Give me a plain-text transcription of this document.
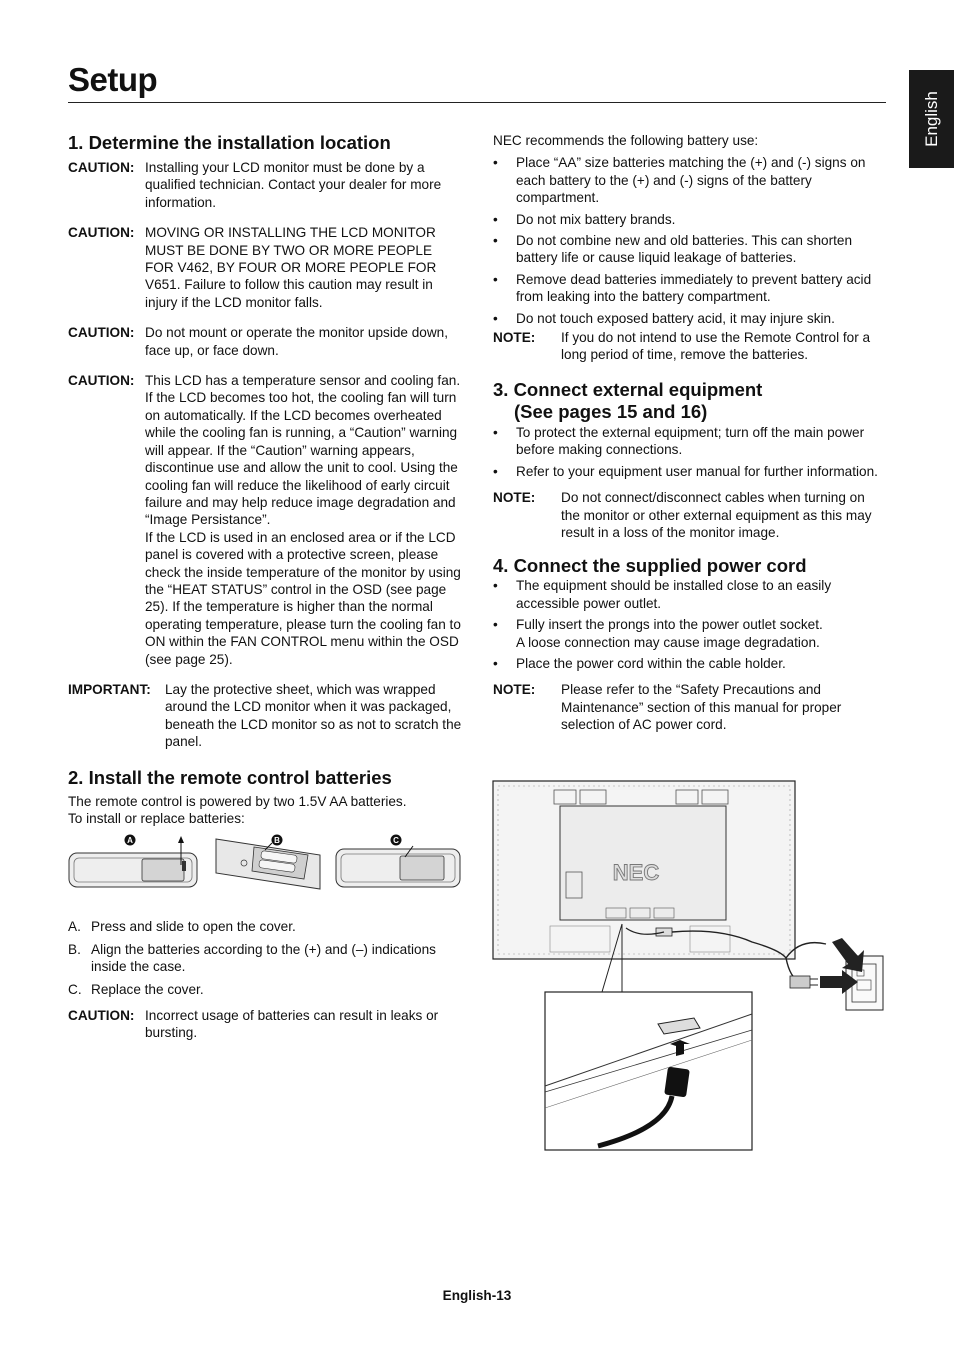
Setup
English
1. Determine the installation location
CAUTION: Installing your LCD monitor must be done by a qualified technician. Contact your dealer for more information.
CAUTION: MOVING OR INSTALLING THE LCD MONITOR MUST BE DONE BY TWO OR MORE PEOPLE FOR V462, BY FOUR OR MORE PEOPLE FOR V651. Failure to follow this caution may result in injury if the LCD monitor falls.
CAUTION: Do not mount or operate the monitor upside down, face up, or face down.
CAUTION: This LCD has a temperature sensor and cooling fan. If the LCD becomes too hot, the cooling fan will turn on automatically. If the LCD becomes overheated while the cooling fan is running, a “Caution” warning will appear. If the “Caution” warning appears, discontinue use and allow the unit to cool. Using the cooling fan will reduce the likelihood of early circuit failure and may help reduce image degradation and “Image Persistance”.
If the LCD is used in an enclosed area or if the LCD panel is covered with a protective screen, please check the inside temperature of the monitor by using the “HEAT STATUS” control in the OSD (see page 25). If the temperature is higher than the normal operating temperature, please turn the cooling fan to ON within the FAN CONTROL menu within the OSD (see page 25).
IMPORTANT:	Lay the protective sheet, which was wrapped around the LCD monitor when it was packaged, beneath the LCD monitor so as not to scratch the panel.
2. Install the remote control batteries
The remote control is powered by two 1.5V AA batteries.
To install or replace batteries:
A	B	C
A. Press and slide to open the cover.
B. Align the batteries according to the (+) and (–) indications inside the case.
C. Replace the cover.
CAUTION: Incorrect usage of batteries can result in leaks or bursting.
NEC recommends the following battery use:
• Place “AA” size batteries matching the (+) and (-) signs on each battery to the (+) and (-) signs of the battery compartment.
• Do not mix battery brands.
• Do not combine new and old batteries. This can shorten battery life or cause liquid leakage of batteries.
• Remove dead batteries immediately to prevent battery acid from leaking into the battery compartment.
• Do not touch exposed battery acid, it may injure skin.
NOTE:	If you do not intend to use the Remote Control for a long period of time, remove the batteries.
3. Connect external equipment
(See pages 15 and 16)
• To protect the external equipment; turn off the main power before making connections.
• Refer to your equipment user manual for further information.
NOTE:	Do not connect/disconnect cables when turning on the monitor or other external equipment as this may result in a loss of the monitor image.
4. Connect the supplied power cord
• The equipment should be installed close to an easily accessible power outlet.
• Fully insert the prongs into the power outlet socket.
A loose connection may cause image degradation.
• Place the power cord within the cable holder.
NOTE:	Please refer to the “Safety Precautions and Maintenance” section of this manual for proper selection of AC power cord.
NEC
English-13
